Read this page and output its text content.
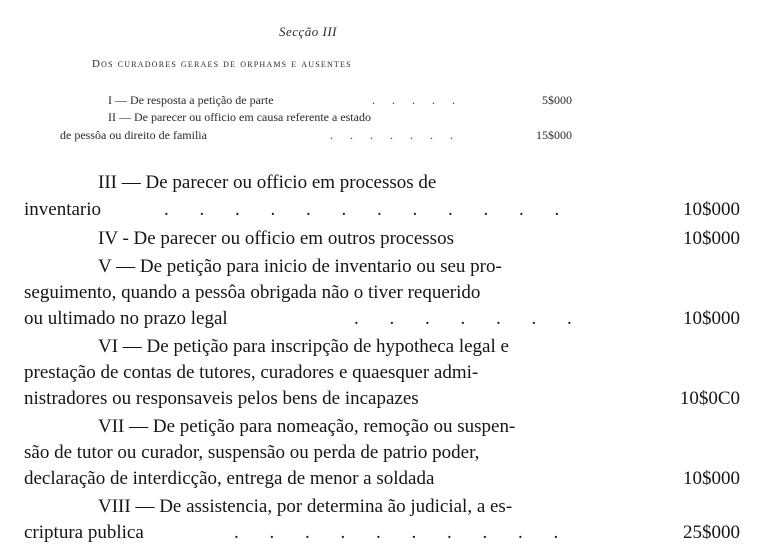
Secção III
Dos curadores geraes de orphams e ausentes
I — De resposta a petição de parte	. . . . .	5$000
II — De parecer ou officio em causa referente a estado
de pessôa ou direito de familia	. . . . . . .	15$000
III — De parecer ou officio em processos de
inventario	. . . . . . . . . . . .	10$000
IV - De parecer ou officio em outros processos	10$000
V — De petição para inicio de inventario ou seu pro-
seguimento, quando a pessôa obrigada não o tiver requerido
ou ultimado no prazo legal	. . . . . . .	10$000
VI — De petição para inscripção de hypotheca legal e
prestação de contas de tutores, curadores e quaesquer admi-
nistradores ou responsaveis pelos bens de incapazes	10$0C0
VII — De petição para nomeação, remoção ou suspen-
são de tutor ou curador, suspensão ou perda de patrio poder,
declaração de interdicção, entrega de menor a soldada	10$000
VIII — De assistencia, por determina ão judicial, a es-
criptura publica	. . . . . . . . . .	25$000
